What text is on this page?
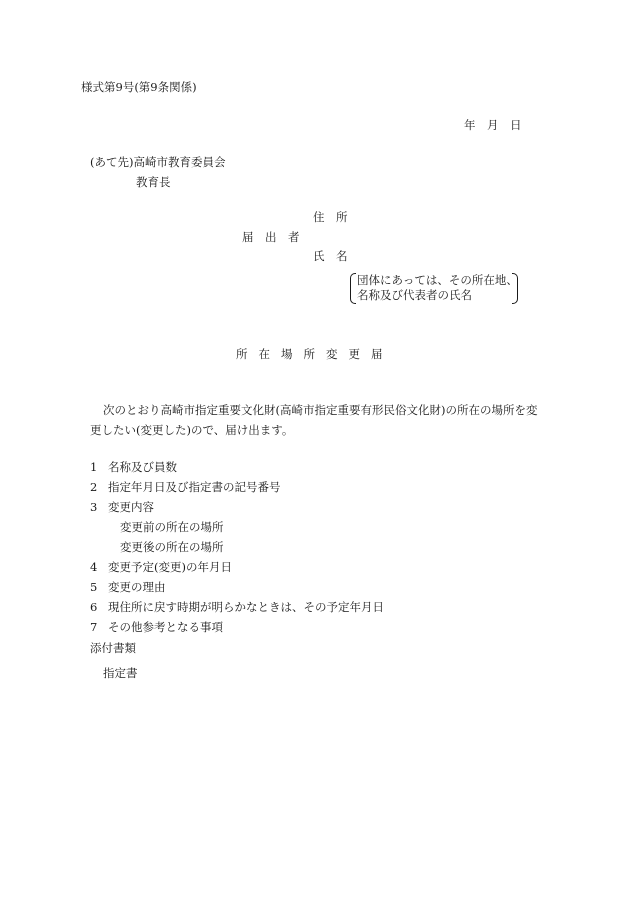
様式第9号(第9条関係)
年　月　日
(あて先)高崎市教育委員会
教育長
住　所
届　出　者
氏　名
団体にあっては、その所在地、
名称及び代表者の氏名
所在場所変更届
次のとおり高崎市指定重要文化財(高崎市指定重要有形民俗文化財)の所在の場所を変
更したい(変更した)ので、届け出ます。
1 名称及び員数
2 指定年月日及び指定書の記号番号
3 変更内容
変更前の所在の場所
変更後の所在の場所
4 変更予定(変更)の年月日
5 変更の理由
6 現住所に戻す時期が明らかなときは、その予定年月日
7 その他参考となる事項
添付書類
指定書
